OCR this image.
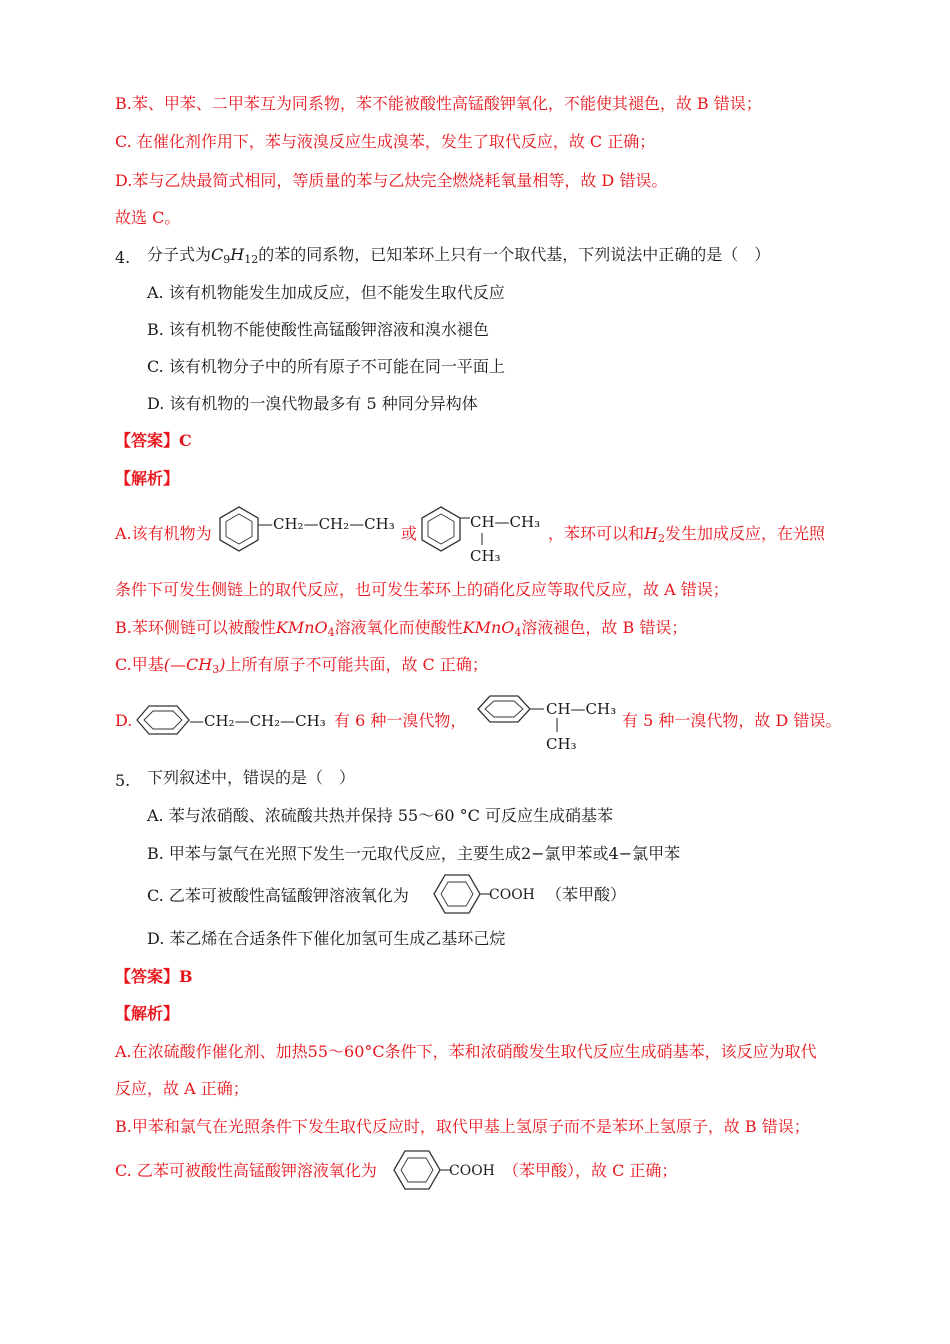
B.苯、甲苯、二甲苯互为同系物，苯不能被酸性高锰酸钾氧化，不能使其褪色，故 B 错误；
C. 在催化剂作用下，苯与液溴反应生成溴苯，发生了取代反应，故 C 正确；
D.苯与乙炔最简式相同，等质量的苯与乙炔完全燃烧耗氧量相等，故 D 错误。
故选 C。
4. 分子式为$C_9H_{12}$的苯的同系物，已知苯环上只有一个取代基，下列说法中正确的是（　）
A. 该有机物能发生加成反应，但不能发生取代反应
B. 该有机物不能使酸性高锰酸钾溶液和溴水褪色
C. 该有机物分子中的所有原子不可能在同一平面上
D. 该有机物的一溴代物最多有 5 种同分异构体
【答案】C
【解析】
A.该有机物为	—CH₂—CH₂—CH₃ 或
CH—CH₃
CH₃
，苯环可以和$H_2$发生加成反应，在光照
条件下可发生侧链上的取代反应，也可发生苯环上的硝化反应等取代反应，故 A 错误；
B.苯环侧链可以被酸性KMnO$_4$溶液氧化而使酸性KMnO$_4$溶液褪色，故 B 错误；
C.甲基$(—CH_3)$上所有原子不可能共面，故 C 正确；
D.	—CH₂—CH₂—CH₃ 有 6 种一溴代物，
CH—CH₃
CH₃
有 5 种一溴代物，故 D 错误。
5. 下列叙述中，错误的是（　）
A. 苯与浓硝酸、浓硫酸共热并保持 55～60 °C 可反应生成硝基苯
B. 甲苯与氯气在光照下发生一元取代反应，主要生成2−氯甲苯或4−氯甲苯
C. 乙苯可被酸性高锰酸钾溶液氧化为	COOH （苯甲酸）
D. 苯乙烯在合适条件下催化加氢可生成乙基环己烷
【答案】B
【解析】
A.在浓硫酸作催化剂、加热55～60°C条件下，苯和浓硝酸发生取代反应生成硝基苯，该反应为取代
反应，故 A 正确；
B.甲苯和氯气在光照条件下发生取代反应时，取代甲基上氢原子而不是苯环上氢原子，故 B 错误；
C. 乙苯可被酸性高锰酸钾溶液氧化为	COOH （苯甲酸），故 C 正确；
